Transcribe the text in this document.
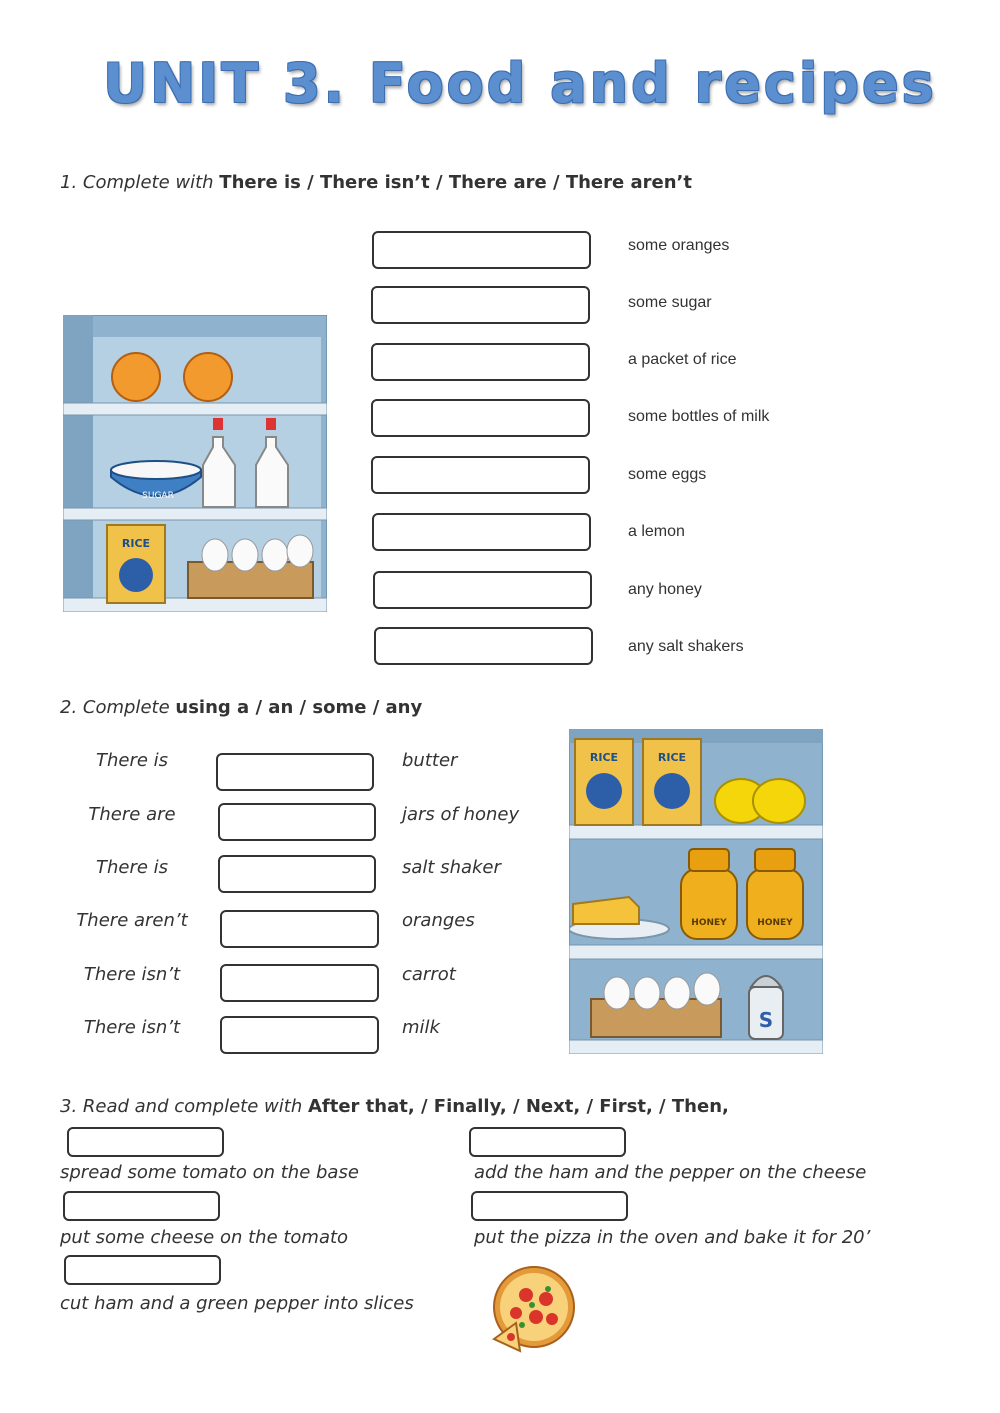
UNIT 3. Food and recipes
1. Complete with There is / There isn’t / There are / There aren’t
SUGAR
RICE
some oranges
some sugar
a packet of rice
some bottles of milk
some eggs
a lemon
any honey
any salt shakers
2. Complete using a / an / some / any
There is
There are
There is
There aren’t
There isn’t
There isn’t
butter
jars of honey
salt shaker
oranges
carrot
milk
RICE	RICE
HONEY	HONEY
S
3. Read and complete with After that, / Finally, / Next, / First, / Then,
spread some tomato on the base
put some cheese on the tomato
cut ham and a green pepper into slices
add the ham and the pepper on the cheese
put the pizza in the oven and bake it for 20’
